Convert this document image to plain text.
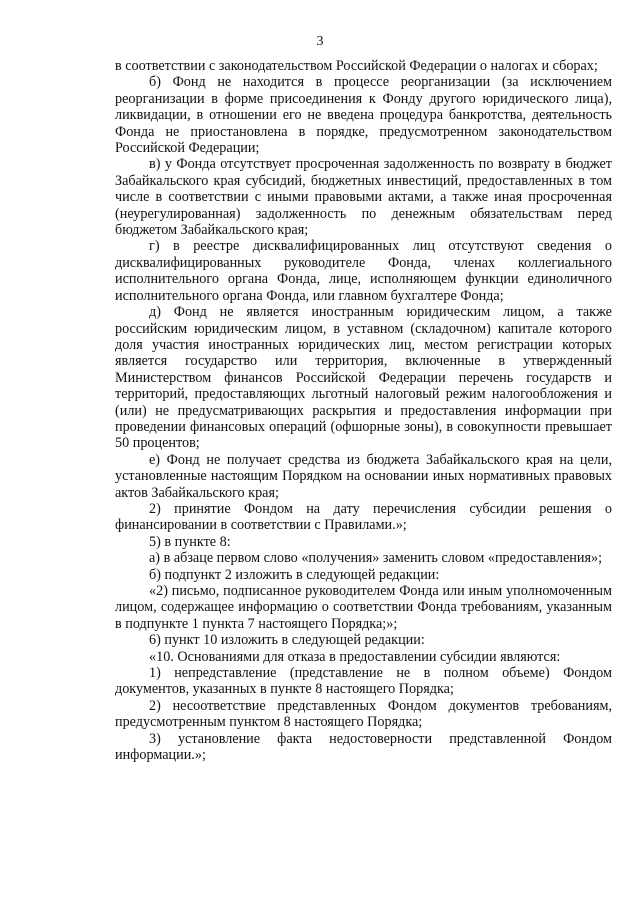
3

в соответствии с законодательством Российской Федерации о налогах и сборах;

б) Фонд не находится в процессе реорганизации (за исключением реорганизации в форме присоединения к Фонду другого юридического лица), ликвидации, в отношении его не введена процедура банкротства, деятельность Фонда не приостановлена в порядке, предусмотренном законодательством Российской Федерации;

в) у Фонда отсутствует просроченная задолженность по возврату в бюджет Забайкальского края субсидий, бюджетных инвестиций, предоставленных в том числе в соответствии с иными правовыми актами, а также иная просроченная (неурегулированная) задолженность по денежным обязательствам перед бюджетом Забайкальского края;

г) в реестре дисквалифицированных лиц отсутствуют сведения о дисквалифицированных руководителе Фонда, членах коллегиального исполнительного органа Фонда, лице, исполняющем функции единоличного исполнительного органа Фонда, или главном бухгалтере Фонда;

д) Фонд не является иностранным юридическим лицом, а также российским юридическим лицом, в уставном (складочном) капитале которого доля участия иностранных юридических лиц, местом регистрации которых является государство или территория, включенные в утвержденный Министерством финансов Российской Федерации перечень государств и территорий, предоставляющих льготный налоговый режим налогообложения и (или) не предусматривающих раскрытия и предоставления информации при проведении финансовых операций (офшорные зоны), в совокупности превышает 50 процентов;

е) Фонд не получает средства из бюджета Забайкальского края на цели, установленные настоящим Порядком на основании иных нормативных правовых актов Забайкальского края;

2) принятие Фондом на дату перечисления субсидии решения о финансировании в соответствии с Правилами.»;

5) в пункте 8:

а) в абзаце первом слово «получения» заменить словом «предоставления»;

б) подпункт 2 изложить в следующей редакции:

«2) письмо, подписанное руководителем Фонда или иным уполномоченным лицом, содержащее информацию о соответствии Фонда требованиям, указанным в подпункте 1 пункта 7 настоящего Порядка;»;

6) пункт 10 изложить в следующей редакции:

«10. Основаниями для отказа в предоставлении субсидии являются:

1) непредставление (представление не в полном объеме) Фондом документов, указанных в пункте 8 настоящего Порядка;

2) несоответствие представленных Фондом документов требованиям, предусмотренным пунктом 8 настоящего Порядка;

3) установление факта недостоверности представленной Фондом информации.»;
